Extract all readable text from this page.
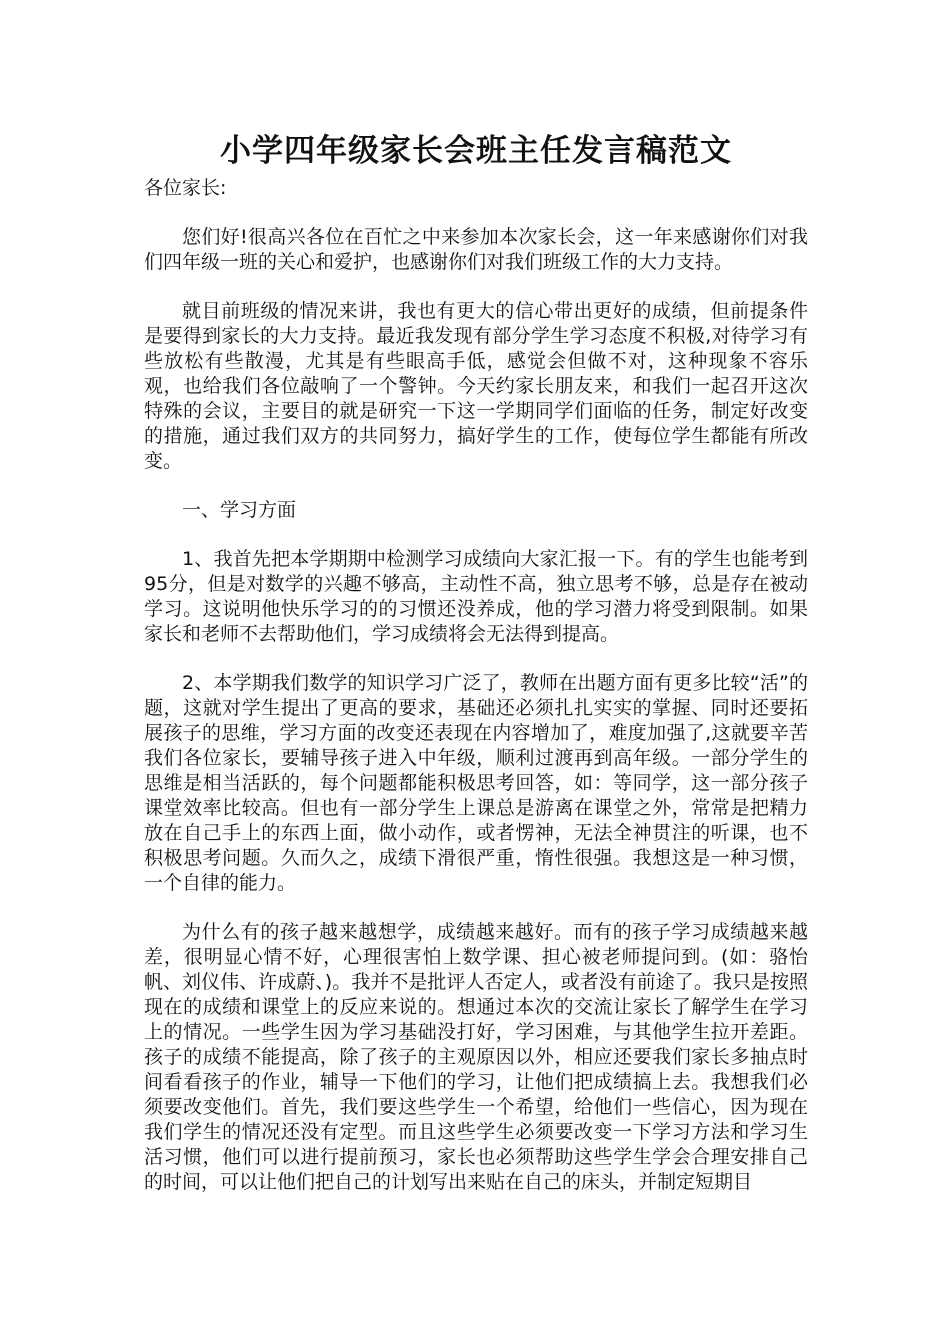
小学四年级家长会班主任发言稿范文

各位家长:

您们好!很高兴各位在百忙之中来参加本次家长会，这一年来感谢你们对我们四年级一班的关心和爱护，也感谢你们对我们班级工作的大力支持。

就目前班级的情况来讲，我也有更大的信心带出更好的成绩，但前提条件是要得到家长的大力支持。最近我发现有部分学生学习态度不积极,对待学习有些放松有些散漫，尤其是有些眼高手低，感觉会但做不对，这种现象不容乐观，也给我们各位敲响了一个警钟。今天约家长朋友来，和我们一起召开这次特殊的会议，主要目的就是研究一下这一学期同学们面临的任务，制定好改变的措施，通过我们双方的共同努力，搞好学生的工作，使每位学生都能有所改变。

一、学习方面

1、我首先把本学期期中检测学习成绩向大家汇报一下。有的学生也能考到95分，但是对数学的兴趣不够高，主动性不高，独立思考不够，总是存在被动学习。这说明他快乐学习的的习惯还没养成，他的学习潜力将受到限制。如果家长和老师不去帮助他们，学习成绩将会无法得到提高。

2、本学期我们数学的知识学习广泛了，教师在出题方面有更多比较“活”的题，这就对学生提出了更高的要求，基础还必须扎扎实实的掌握、同时还要拓展孩子的思维，学习方面的改变还表现在内容增加了，难度加强了,这就要辛苦我们各位家长，要辅导孩子进入中年级，顺利过渡再到高年级。一部分学生的思维是相当活跃的，每个问题都能积极思考回答，如：等同学，这一部分孩子课堂效率比较高。但也有一部分学生上课总是游离在课堂之外，常常是把精力放在自己手上的东西上面，做小动作，或者愣神，无法全神贯注的听课，也不积极思考问题。久而久之，成绩下滑很严重，惰性很强。我想这是一种习惯，一个自律的能力。

为什么有的孩子越来越想学，成绩越来越好。而有的孩子学习成绩越来越差，很明显心情不好，心理很害怕上数学课、担心被老师提问到。(如：骆怡帆、刘仪伟、许成蔚、)。我并不是批评人否定人，或者没有前途了。我只是按照现在的成绩和课堂上的反应来说的。想通过本次的交流让家长了解学生在学习上的情况。一些学生因为学习基础没打好，学习困难，与其他学生拉开差距。孩子的成绩不能提高，除了孩子的主观原因以外，相应还要我们家长多抽点时间看看孩子的作业，辅导一下他们的学习，让他们把成绩搞上去。我想我们必须要改变他们。首先，我们要这些学生一个希望，给他们一些信心，因为现在我们学生的情况还没有定型。而且这些学生必须要改变一下学习方法和学习生活习惯，他们可以进行提前预习，家长也必须帮助这些学生学会合理安排自己的时间，可以让他们把自己的计划写出来贴在自己的床头，并制定短期目
